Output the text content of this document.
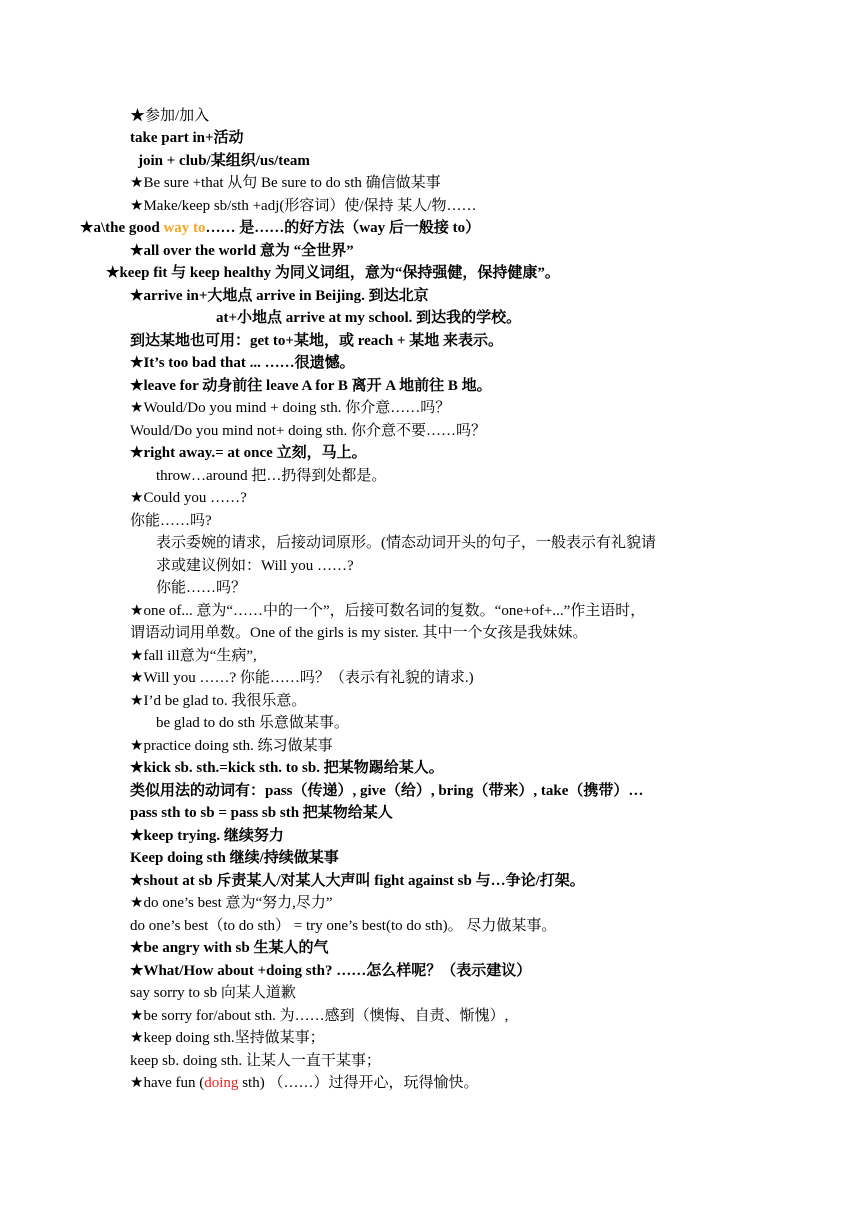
★参加/加入
take part in+活动
join + club/某组织/us/team
★Be sure +that 从句 Be sure to do sth 确信做某事
★Make/keep sb/sth +adj(形容词）使/保持 某人/物……
★a\the good way to…… 是……的好方法（way 后一般接 to）
★all over the world 意为 “全世界”
★keep fit 与 keep healthy 为同义词组，意为“保持强健，保持健康”。
★arrive in+大地点 arrive in Beijing. 到达北京
at+小地点 arrive at my school. 到达我的学校。
到达某地也可用：get to+某地，或 reach + 某地 来表示。
★It’s too bad that ... ……很遗憾。
★leave for 动身前往 leave A for B 离开 A 地前往 B 地。
★Would/Do you mind + doing sth. 你介意……吗？
Would/Do you mind not+ doing sth. 你介意不要……吗？
★right away.= at once 立刻，马上。
throw…around 把…扔得到处都是。
★Could you ……?
你能……吗?
表示委婉的请求，后接动词原形。(情态动词开头的句子，一般表示有礼貌请
求或建议例如：Will you ……?
你能……吗？
★one of... 意为“……中的一个”，后接可数名词的复数。“one+of+...”作主语时，
谓语动词用单数。One of the girls is my sister. 其中一个女孩是我妹妹。
★fall ill意为“生病”,
★Will you ……? 你能……吗？（表示有礼貌的请求.)
★I’d be glad to. 我很乐意。
be glad to do sth 乐意做某事。
★practice doing sth. 练习做某事
★kick sb. sth.=kick sth. to sb. 把某物踢给某人。
类似用法的动词有：pass（传递）, give（给）, bring（带来）, take（携带）…
pass sth to sb = pass sb sth 把某物给某人
★keep trying. 继续努力
Keep doing sth 继续/持续做某事
★shout at sb 斥责某人/对某人大声叫 fight against sb 与…争论/打架。
★do one’s best 意为“努力,尽力”
do one’s best（to do sth） = try one’s best(to do sth)。 尽力做某事。
★be angry with sb 生某人的气
★What/How about +doing sth? ……怎么样呢？（表示建议）
say sorry to sb 向某人道歉
★be sorry for/about sth. 为……感到（懊悔、自责、惭愧）,
★keep doing sth.坚持做某事；
keep sb. doing sth. 让某人一直干某事；
★have fun (doing sth) （……）过得开心，玩得愉快。
